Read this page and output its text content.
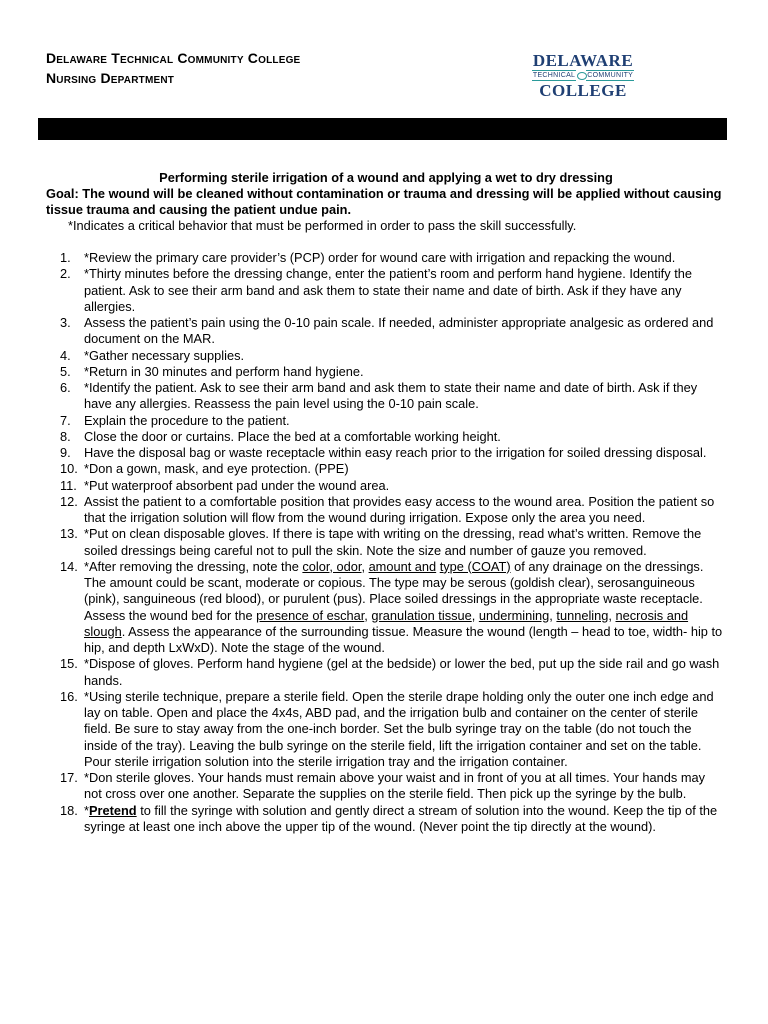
Delaware Technical Community College
Nursing Department
DELAWARE
TECHNICAL COMMUNITY
COLLEGE
Performing sterile irrigation of a wound and applying a wet to dry dressing
Goal: The wound will be cleaned without contamination or trauma and dressing will be applied without causing tissue trauma and causing the patient undue pain.
*Indicates a critical behavior that must be performed in order to pass the skill successfully.
1.	*Review the primary care provider’s (PCP) order for wound care with irrigation and repacking the wound.
2.	*Thirty minutes before the dressing change, enter the patient’s room and perform hand hygiene. Identify the patient. Ask to see their arm band and ask them to state their name and date of birth. Ask if they have any allergies.
3.	Assess the patient’s pain using the 0-10 pain scale. If needed, administer appropriate analgesic as ordered and document on the MAR.
4.	*Gather necessary supplies.
5.	*Return in 30 minutes and perform hand hygiene.
6.	*Identify the patient. Ask to see their arm band and ask them to state their name and date of birth. Ask if they have any allergies. Reassess the pain level using the 0-10 pain scale.
7.	Explain the procedure to the patient.
8.	Close the door or curtains. Place the bed at a comfortable working height.
9.	Have the disposal bag or waste receptacle within easy reach prior to the irrigation for soiled dressing disposal.
10. *Don a gown, mask, and eye protection. (PPE)
11. *Put waterproof absorbent pad under the wound area.
12. Assist the patient to a comfortable position that provides easy access to the wound area. Position the patient so that the irrigation solution will flow from the wound during irrigation. Expose only the area you need.
13. *Put on clean disposable gloves. If there is tape with writing on the dressing, read what’s written. Remove the soiled dressings being careful not to pull the skin. Note the size and number of gauze you removed.
14. *After removing the dressing, note the color, odor, amount and type (COAT) of any drainage on the dressings. The amount could be scant, moderate or copious. The type may be serous (goldish clear), serosanguineous (pink), sanguineous (red blood), or purulent (pus). Place soiled dressings in the appropriate waste receptacle. Assess the wound bed for the presence of eschar, granulation tissue, undermining, tunneling, necrosis and slough. Assess the appearance of the surrounding tissue. Measure the wound (length – head to toe, width- hip to hip, and depth LxWxD). Note the stage of the wound.
15. *Dispose of gloves. Perform hand hygiene (gel at the bedside) or lower the bed, put up the side rail and go wash hands.
16. *Using sterile technique, prepare a sterile field. Open the sterile drape holding only the outer one inch edge and lay on table. Open and place the 4x4s, ABD pad, and the irrigation bulb and container on the center of sterile field. Be sure to stay away from the one-inch border. Set the bulb syringe tray on the table (do not touch the inside of the tray). Leaving the bulb syringe on the sterile field, lift the irrigation container and set on the table. Pour sterile irrigation solution into the sterile irrigation tray and the irrigation container.
17. *Don sterile gloves. Your hands must remain above your waist and in front of you at all times. Your hands may not cross over one another. Separate the supplies on the sterile field. Then pick up the syringe by the bulb.
18. *Pretend to fill the syringe with solution and gently direct a stream of solution into the wound. Keep the tip of the syringe at least one inch above the upper tip of the wound. (Never point the tip directly at the wound).
